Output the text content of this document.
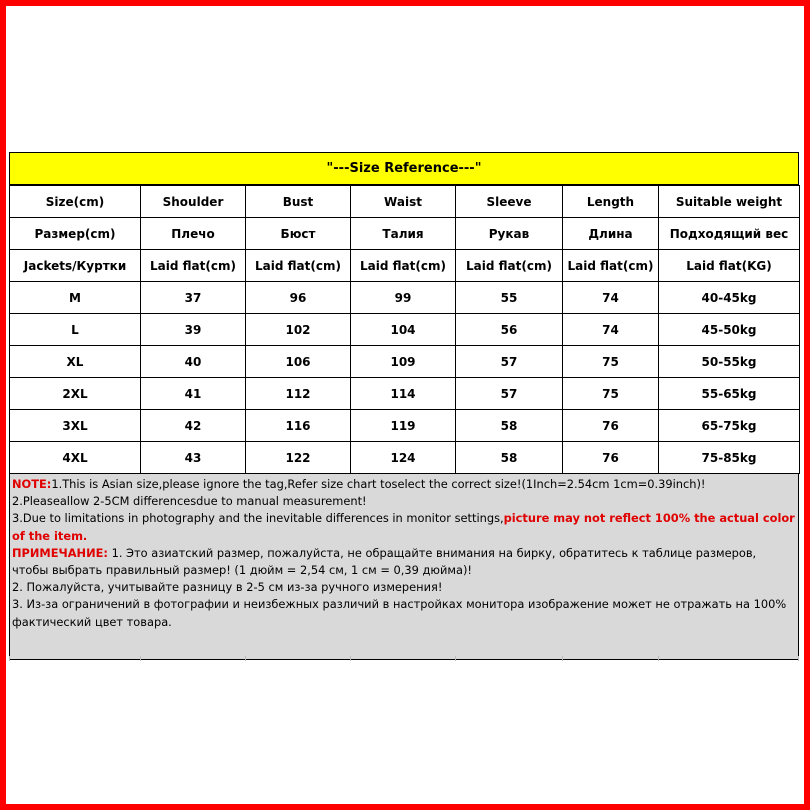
"---Size Reference---"
Size(cm)	Shoulder	Bust	Waist	Sleeve	Length	Suitable weight
Размер(cm)	Плечо	Бюст	Талия	Рукав	Длина	Подходящий вес
Jackets/Куртки	Laid flat(cm)	Laid flat(cm)	Laid flat(cm)	Laid flat(cm)	Laid flat(cm)	Laid flat(KG)
M	37	96	99	55	74	40-45kg
L	39	102	104	56	74	45-50kg
XL	40	106	109	57	75	50-55kg
2XL	41	112	114	57	75	55-65kg
3XL	42	116	119	58	76	65-75kg
4XL	43	122	124	58	76	75-85kg

NOTE:1.This is Asian size,please ignore the tag,Refer size chart toselect the correct size!(1Inch=2.54cm 1cm=0.39inch)!

2.Pleaseallow 2-5CM differencesdue to manual measurement!

3.Due to limitations in photography and the inevitable differences in monitor settings,picture may not reflect 100% the actual color of the item.

ПРИМЕЧАНИЕ: 1. Это азиатский размер, пожалуйста, не обращайте внимания на бирку, обратитесь к таблице размеров, чтобы выбрать правильный размер! (1 дюйм = 2,54 см, 1 см = 0,39 дюйма)!

2. Пожалуйста, учитывайте разницу в 2-5 см из-за ручного измерения!

3. Из-за ограничений в фотографии и неизбежных различий в настройках монитора изображение может не отражать на 100% фактический цвет товара.
